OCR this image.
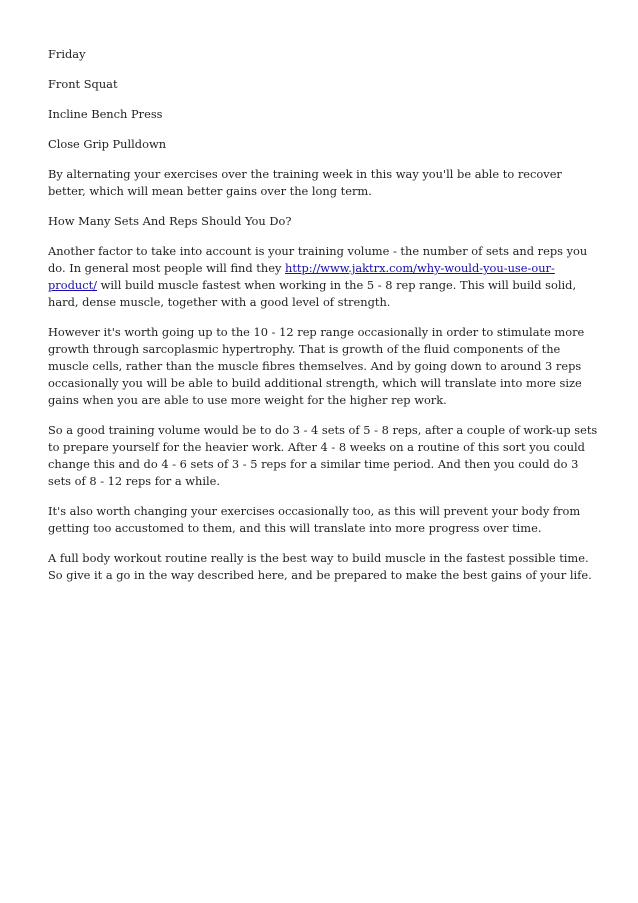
Friday

Front Squat

Incline Bench Press

Close Grip Pulldown

By alternating your exercises over the training week in this way you'll be able to recover better, which will mean better gains over the long term.

How Many Sets And Reps Should You Do?

Another factor to take into account is your training volume - the number of sets and reps you do. In general most people will find they http://www.jaktrx.com/why-would-you-use-our-product/ will build muscle fastest when working in the 5 - 8 rep range. This will build solid, hard, dense muscle, together with a good level of strength.

However it's worth going up to the 10 - 12 rep range occasionally in order to stimulate more growth through sarcoplasmic hypertrophy. That is growth of the fluid components of the muscle cells, rather than the muscle fibres themselves. And by going down to around 3 reps occasionally you will be able to build additional strength, which will translate into more size gains when you are able to use more weight for the higher rep work.

So a good training volume would be to do 3 - 4 sets of 5 - 8 reps, after a couple of work-up sets to prepare yourself for the heavier work. After 4 - 8 weeks on a routine of this sort you could change this and do 4 - 6 sets of 3 - 5 reps for a similar time period. And then you could do 3 sets of 8 - 12 reps for a while.

It's also worth changing your exercises occasionally too, as this will prevent your body from getting too accustomed to them, and this will translate into more progress over time.

A full body workout routine really is the best way to build muscle in the fastest possible time. So give it a go in the way described here, and be prepared to make the best gains of your life.
